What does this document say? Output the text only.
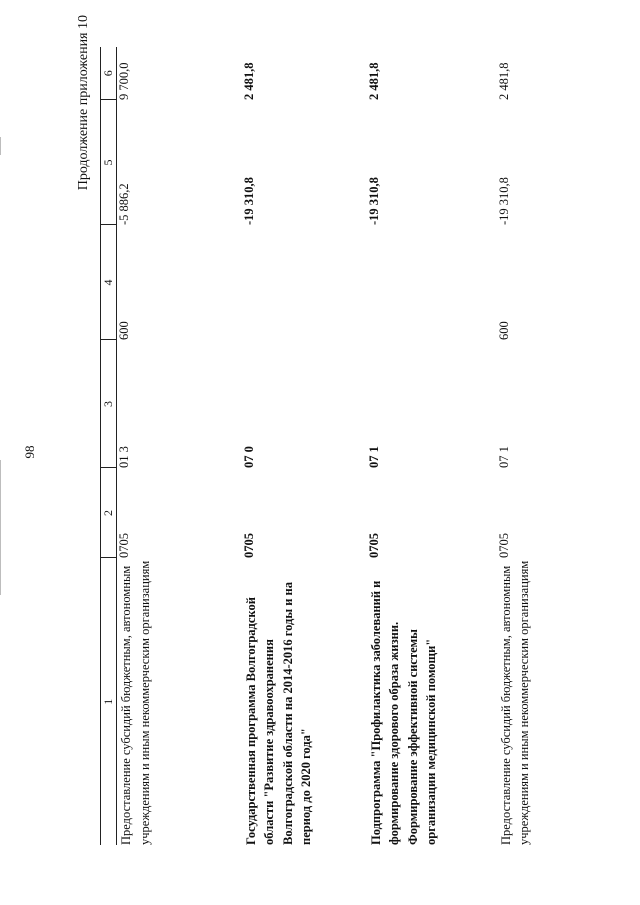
98
Продолжение приложения 10
1	2	3	4	5	6
Предоставление субсидий бюджетным, автономным учреждениям и иным некоммерческим организациям	0705	01 3	600	-5 886,2	9 700,0
Государственная программа Волгоградской области "Развитие здравоохранения Волгоградской области на 2014-2016 годы и на период до 2020 года"	0705	07 0		-19 310,8	2 481,8
Подпрограмма "Профилактика заболеваний и формирование здорового образа жизни. Формирование эффективной системы организации медицинской помощи"	0705	07 1		-19 310,8	2 481,8
Предоставление субсидий бюджетным, автономным учреждениям и иным некоммерческим организациям	0705	07 1	600	-19 310,8	2 481,8
